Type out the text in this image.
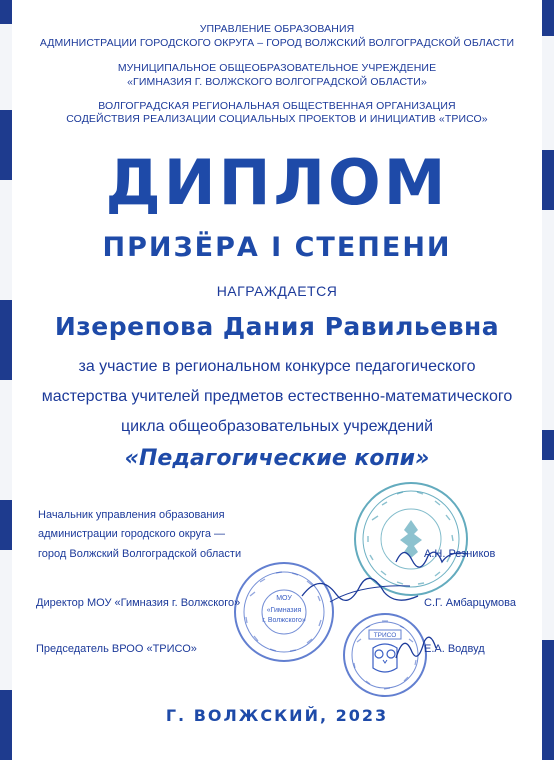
УПРАВЛЕНИЕ ОБРАЗОВАНИЯ
АДМИНИСТРАЦИИ ГОРОДСКОГО ОКРУГА – ГОРОД ВОЛЖСКИЙ ВОЛГОГРАДСКОЙ ОБЛАСТИ
МУНИЦИПАЛЬНОЕ ОБЩЕОБРАЗОВАТЕЛЬНОЕ УЧРЕЖДЕНИЕ
«ГИМНАЗИЯ Г. ВОЛЖСКОГО ВОЛГОГРАДСКОЙ ОБЛАСТИ»
ВОЛГОГРАДСКАЯ РЕГИОНАЛЬНАЯ ОБЩЕСТВЕННАЯ ОРГАНИЗАЦИЯ
СОДЕЙСТВИЯ РЕАЛИЗАЦИИ СОЦИАЛЬНЫХ ПРОЕКТОВ И ИНИЦИАТИВ «ТРИСО»
ДИПЛОМ
ПРИЗЁРА I СТЕПЕНИ
НАГРАЖДАЕТСЯ
Изерепова Дания Равильевна
за участие в региональном конкурсе педагогического
мастерства учителей предметов естественно-математического
цикла общеобразовательных учреждений
«Педагогические копи»
МОУ
«Гимназия
г. Волжского»
ТРИСО
Начальник управления образования
администрации городского округа —
город Волжский Волгоградской области	А.Н. Резников
Директор МОУ «Гимназия г. Волжского»	С.Г. Амбарцумова
Председатель ВРОО «ТРИСО»	Е.А. Водвуд
Г. ВОЛЖСКИЙ, 2023
